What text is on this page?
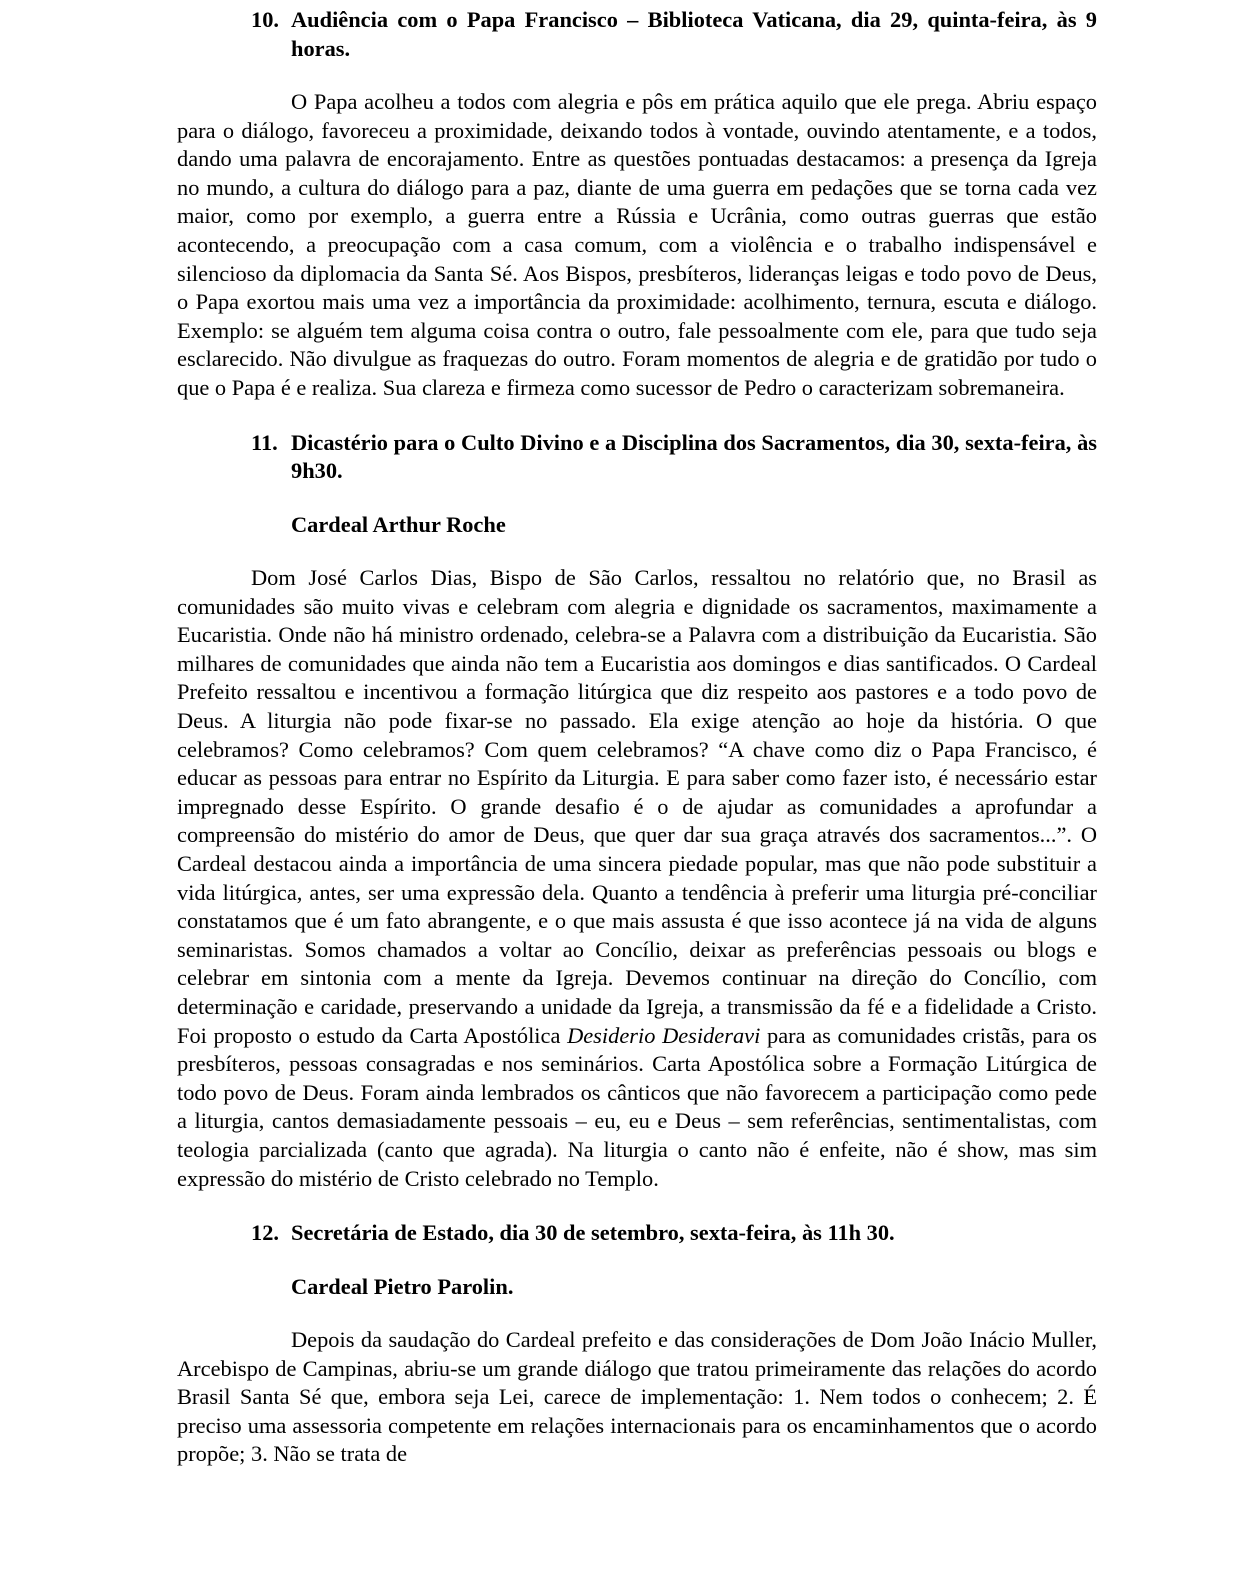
10. Audiência com o Papa Francisco – Biblioteca Vaticana, dia 29, quinta-feira, às 9 horas.

O Papa acolheu a todos com alegria e pôs em prática aquilo que ele prega. Abriu espaço para o diálogo, favoreceu a proximidade, deixando todos à vontade, ouvindo atentamente, e a todos, dando uma palavra de encorajamento. Entre as questões pontuadas destacamos: a presença da Igreja no mundo, a cultura do diálogo para a paz, diante de uma guerra em pedações que se torna cada vez maior, como por exemplo, a guerra entre a Rússia e Ucrânia, como outras guerras que estão acontecendo, a preocupação com a casa comum, com a violência e o trabalho indispensável e silencioso da diplomacia da Santa Sé. Aos Bispos, presbíteros, lideranças leigas e todo povo de Deus, o Papa exortou mais uma vez a importância da proximidade: acolhimento, ternura, escuta e diálogo. Exemplo: se alguém tem alguma coisa contra o outro, fale pessoalmente com ele, para que tudo seja esclarecido. Não divulgue as fraquezas do outro. Foram momentos de alegria e de gratidão por tudo o que o Papa é e realiza. Sua clareza e firmeza como sucessor de Pedro o caracterizam sobremaneira.

11. Dicastério para o Culto Divino e a Disciplina dos Sacramentos, dia 30, sexta-feira, às 9h30.
Cardeal Arthur Roche

Dom José Carlos Dias, Bispo de São Carlos, ressaltou no relatório que, no Brasil as comunidades são muito vivas e celebram com alegria e dignidade os sacramentos, maximamente a Eucaristia. Onde não há ministro ordenado, celebra-se a Palavra com a distribuição da Eucaristia. São milhares de comunidades que ainda não tem a Eucaristia aos domingos e dias santificados. O Cardeal Prefeito ressaltou e incentivou a formação litúrgica que diz respeito aos pastores e a todo povo de Deus. A liturgia não pode fixar-se no passado. Ela exige atenção ao hoje da história. O que celebramos? Como celebramos? Com quem celebramos? “A chave como diz o Papa Francisco, é educar as pessoas para entrar no Espírito da Liturgia. E para saber como fazer isto, é necessário estar impregnado desse Espírito. O grande desafio é o de ajudar as comunidades a aprofundar a compreensão do mistério do amor de Deus, que quer dar sua graça através dos sacramentos...”. O Cardeal destacou ainda a importância de uma sincera piedade popular, mas que não pode substituir a vida litúrgica, antes, ser uma expressão dela. Quanto a tendência à preferir uma liturgia pré-conciliar constatamos que é um fato abrangente, e o que mais assusta é que isso acontece já na vida de alguns seminaristas. Somos chamados a voltar ao Concílio, deixar as preferências pessoais ou blogs e celebrar em sintonia com a mente da Igreja. Devemos continuar na direção do Concílio, com determinação e caridade, preservando a unidade da Igreja, a transmissão da fé e a fidelidade a Cristo. Foi proposto o estudo da Carta Apostólica Desiderio Desideravi para as comunidades cristãs, para os presbíteros, pessoas consagradas e nos seminários. Carta Apostólica sobre a Formação Litúrgica de todo povo de Deus. Foram ainda lembrados os cânticos que não favorecem a participação como pede a liturgia, cantos demasiadamente pessoais – eu, eu e Deus – sem referências, sentimentalistas, com teologia parcializada (canto que agrada). Na liturgia o canto não é enfeite, não é show, mas sim expressão do mistério de Cristo celebrado no Templo.

12. Secretária de Estado, dia 30 de setembro, sexta-feira, às 11h 30.
Cardeal Pietro Parolin.

Depois da saudação do Cardeal prefeito e das considerações de Dom João Inácio Muller, Arcebispo de Campinas, abriu-se um grande diálogo que tratou primeiramente das relações do acordo Brasil Santa Sé que, embora seja Lei, carece de implementação: 1. Nem todos o conhecem; 2. É preciso uma assessoria competente em relações internacionais para os encaminhamentos que o acordo propõe; 3. Não se trata de
